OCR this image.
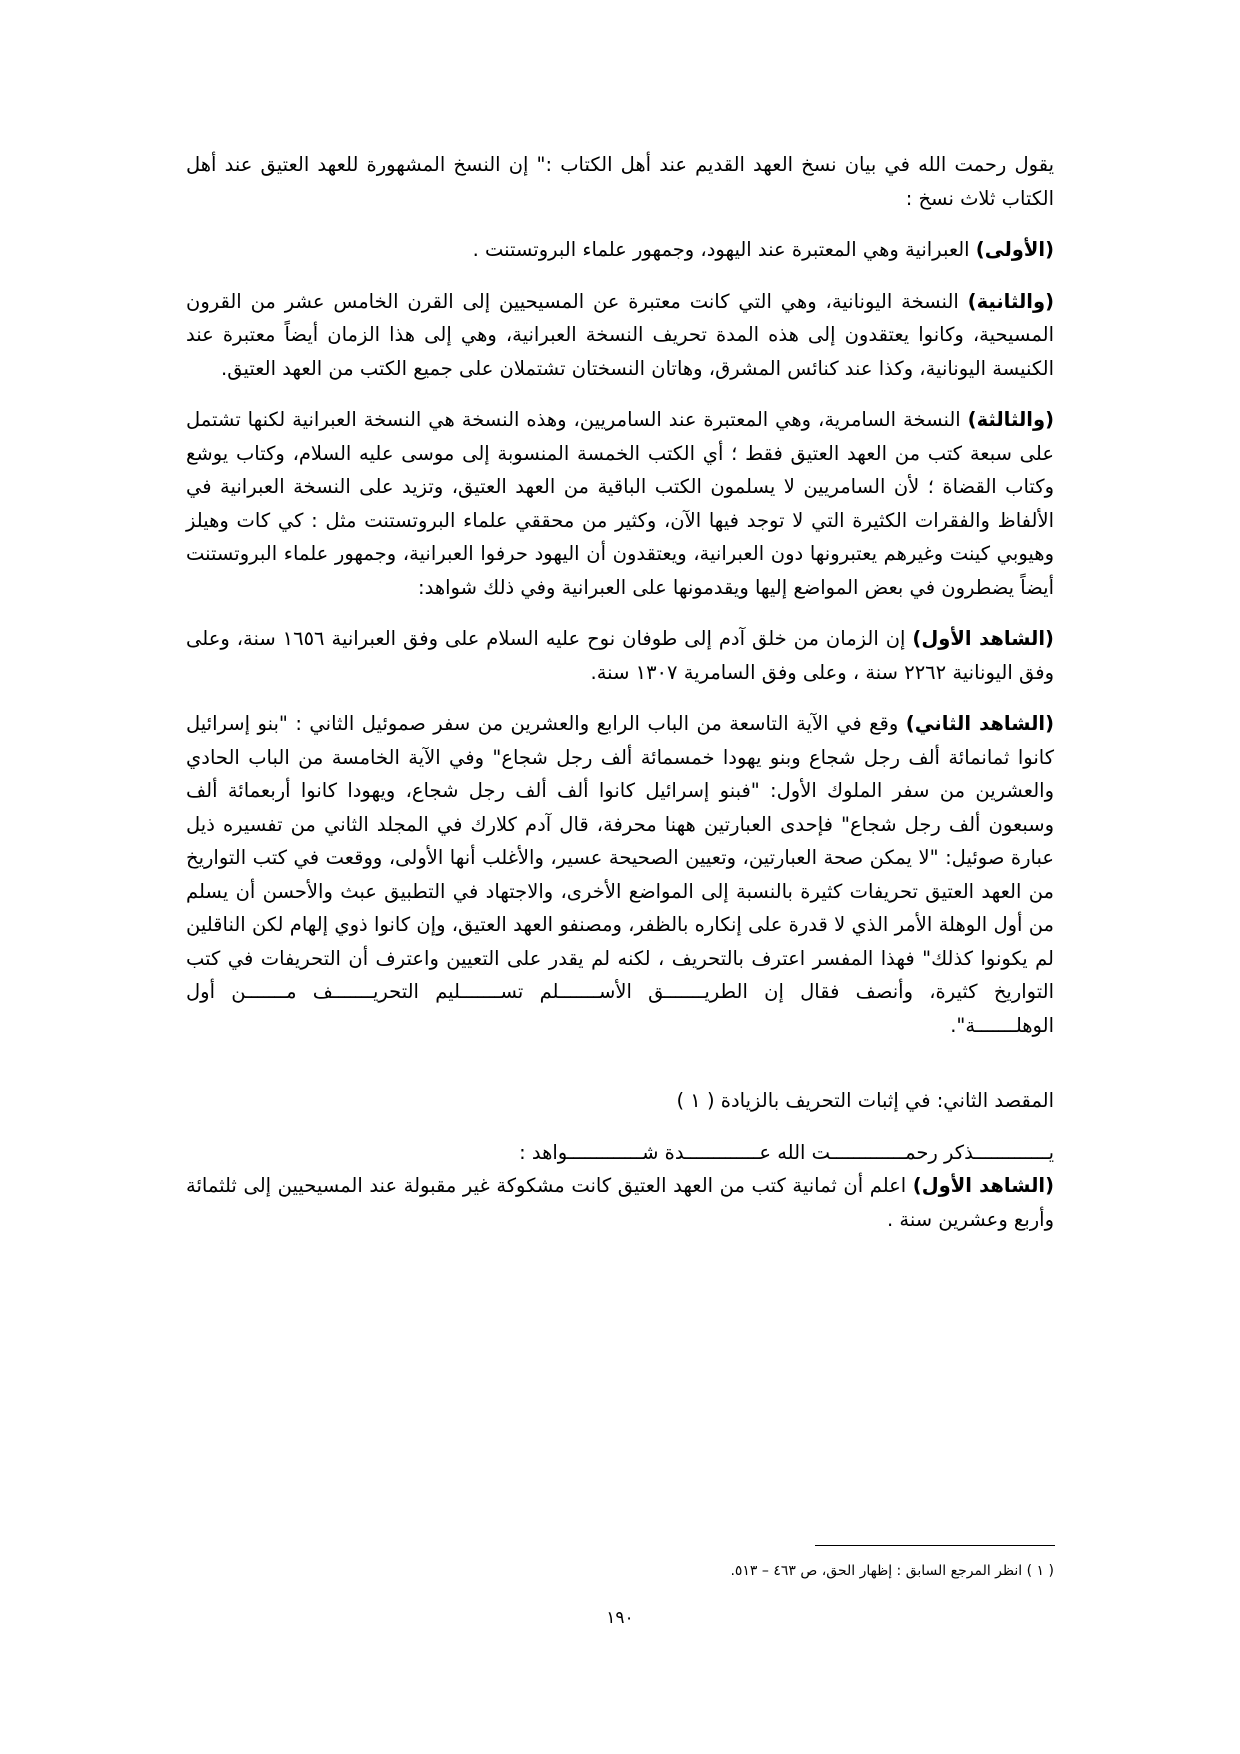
يقول رحمت الله في بيان نسخ العهد القديم عند أهل الكتاب :" إن النسخ المشهورة للعهد العتيق عند أهل الكتاب ثلاث نسخ :

(الأولى) العبرانية وهي المعتبرة عند اليهود، وجمهور علماء البروتستنت .

(والثانية) النسخة اليونانية، وهي التي كانت معتبرة عن المسيحيين إلى القرن الخامس عشر من القرون المسيحية، وكانوا يعتقدون إلى هذه المدة تحريف النسخة العبرانية، وهي إلى هذا الزمان أيضاً معتبرة عند الكنيسة اليونانية، وكذا عند كنائس المشرق، وهاتان النسختان تشتملان على جميع الكتب من العهد العتيق.

(والثالثة) النسخة السامرية، وهي المعتبرة عند السامريين، وهذه النسخة هي النسخة العبرانية لكنها تشتمل على سبعة كتب من العهد العتيق فقط ؛ أي الكتب الخمسة المنسوبة إلى موسى عليه السلام، وكتاب يوشع وكتاب القضاة ؛ لأن السامريين لا يسلمون الكتب الباقية من العهد العتيق، وتزيد على النسخة العبرانية في الألفاظ والفقرات الكثيرة التي لا توجد فيها الآن، وكثير من محققي علماء البروتستنت مثل : كي كات وهيلز وهيوبي كينت وغيرهم يعتبرونها دون العبرانية، ويعتقدون أن اليهود حرفوا العبرانية، وجمهور علماء البروتستنت أيضاً يضطرون في بعض المواضع إليها ويقدمونها على العبرانية وفي ذلك شواهد:

(الشاهد الأول) إن الزمان من خلق آدم إلى طوفان نوح عليه السلام على وفق العبرانية ١٦٥٦ سنة، وعلى وفق اليونانية ٢٢٦٢ سنة ، وعلى وفق السامرية ١٣٠٧ سنة.

(الشاهد الثاني) وقع في الآية التاسعة من الباب الرابع والعشرين من سفر صموئيل الثاني : "بنو إسرائيل كانوا ثمانمائة ألف رجل شجاع وبنو يهودا خمسمائة ألف رجل شجاع" وفي الآية الخامسة من الباب الحادي والعشرين من سفر الملوك الأول: "فبنو إسرائيل كانوا ألف ألف رجل شجاع، ويهودا كانوا أربعمائة ألف وسبعون ألف رجل شجاع" فإحدى العبارتين ههنا محرفة، قال آدم كلارك في المجلد الثاني من تفسيره ذيل عبارة صوئيل: "لا يمكن صحة العبارتين، وتعيين الصحيحة عسير، والأغلب أنها الأولى، ووقعت في كتب التواريخ من العهد العتيق تحريفات كثيرة بالنسبة إلى المواضع الأخرى، والاجتهاد في التطبيق عبث والأحسن أن يسلم من أول الوهلة الأمر الذي لا قدرة على إنكاره بالظفر، ومصنفو العهد العتيق، وإن كانوا ذوي إلهام لكن الناقلين لم يكونوا كذلك" فهذا المفسر اعترف بالتحريف ، لكنه لم يقدر على التعيين واعترف أن التحريفات في كتب التواريخ كثيرة، وأنصف فقال إن الطريـــــــق الأســـــــلم تســـــــليم التحريـــــــف مـــــــن أول الوهلـــــــة".

المقصد الثاني: في إثبات التحريف بالزيادة ( ١ )

يـــــــــــــذكر رحمـــــــــــــت الله عـــــــــــــدة شـــــــــــــواهد :

(الشاهد الأول) اعلم أن ثمانية كتب من العهد العتيق كانت مشكوكة غير مقبولة عند المسيحيين إلى ثلثمائة وأربع وعشرين سنة .

( ١ ) انظر المرجع السابق : إظهار الحق، ص ٤٦٣ – ٥١٣.
١٩٠
